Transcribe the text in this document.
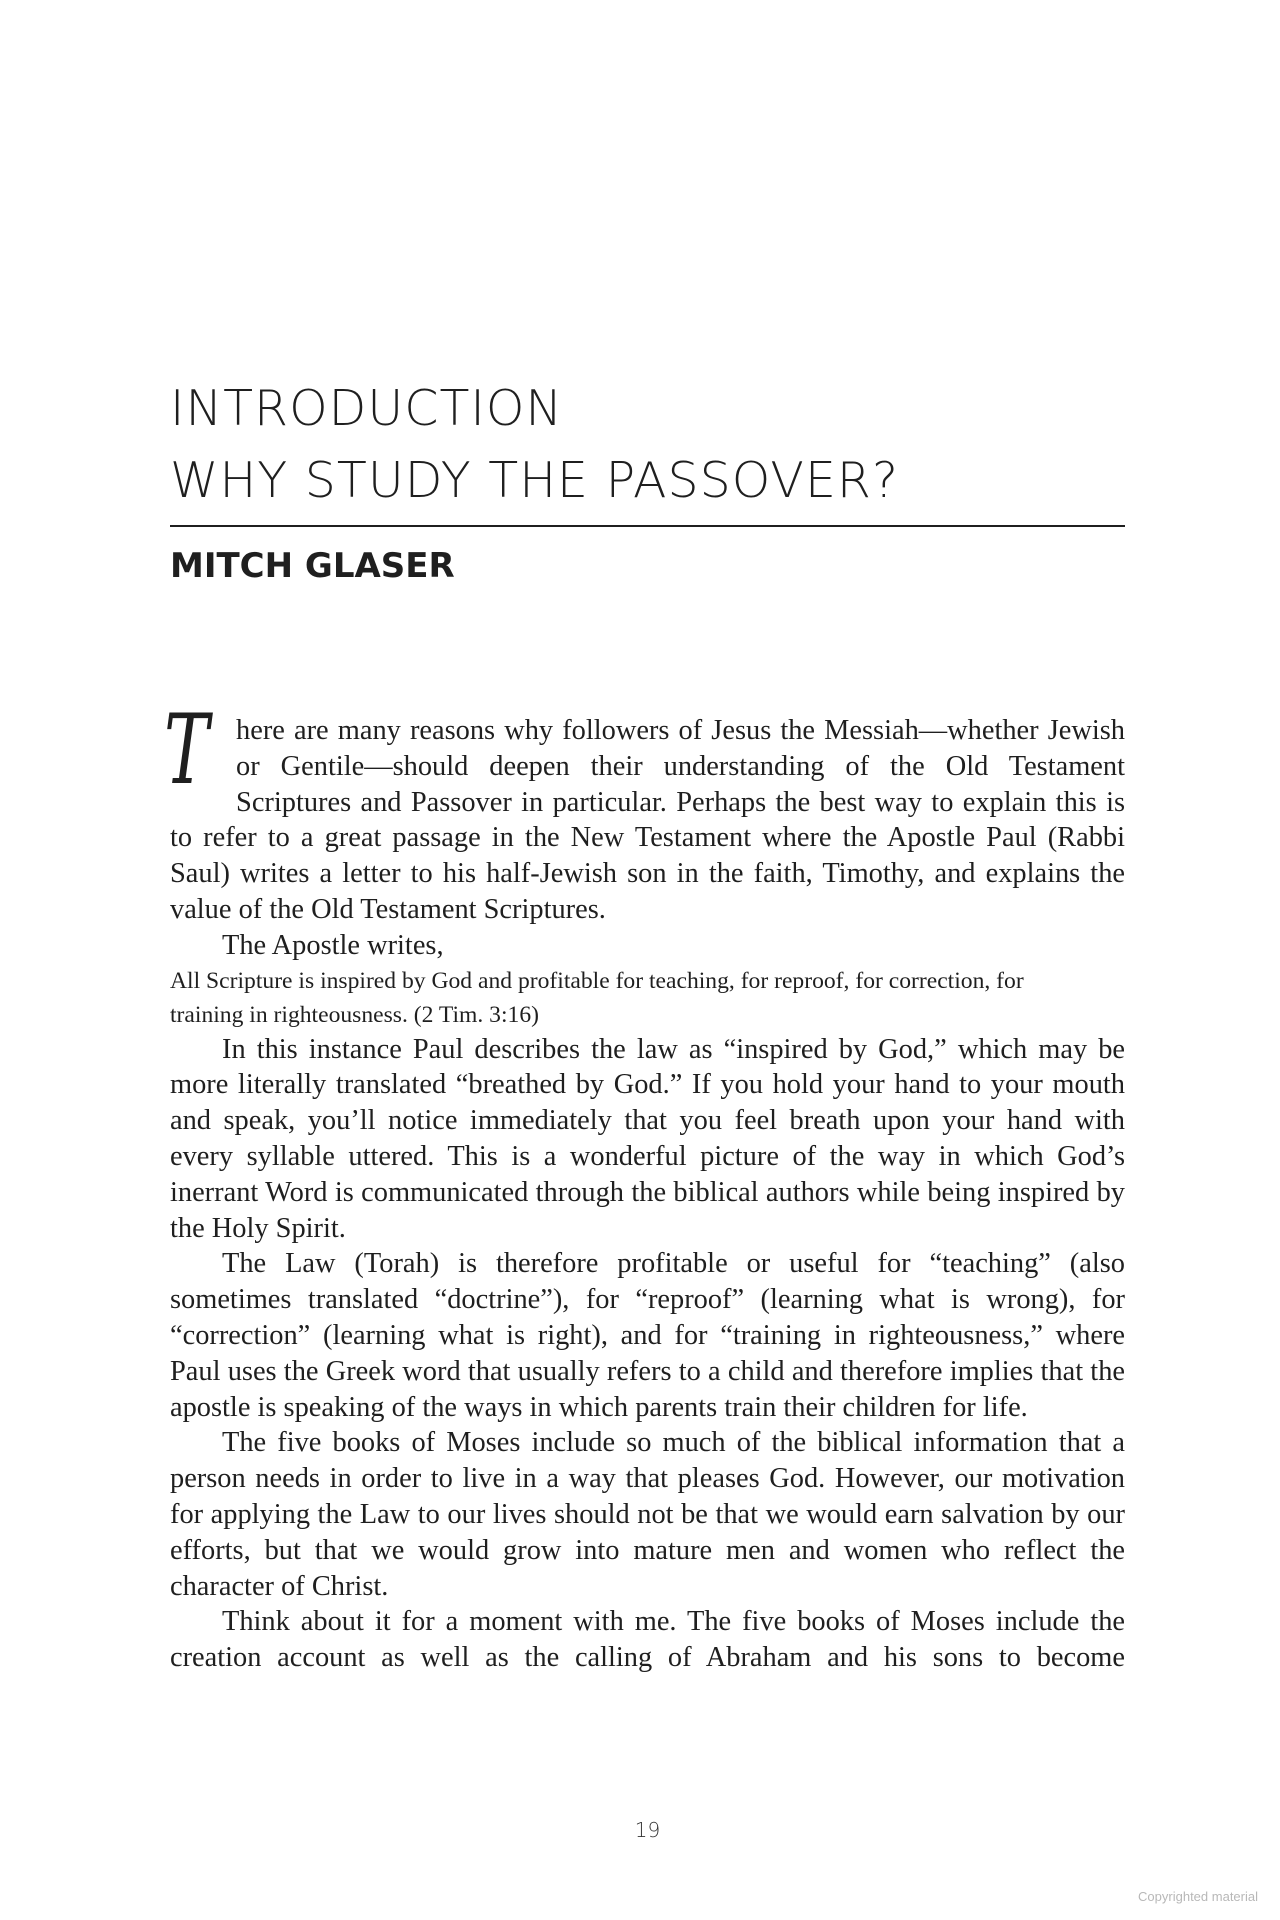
INTRODUCTION
WHY STUDY THE PASSOVER?
MITCH GLASER

There are many reasons why followers of Jesus the Messiah—whether Jewish or Gentile—should deepen their understanding of the Old Testament Scriptures and Passover in particular. Perhaps the best way to explain this is to refer to a great passage in the New Testament where the Apostle Paul (Rabbi Saul) writes a letter to his half-Jewish son in the faith, Timothy, and explains the value of the Old Testament Scriptures.

The Apostle writes,

All Scripture is inspired by God and profitable for teaching, for reproof, for correction, for training in righteousness. (2 Tim. 3:16)

In this instance Paul describes the law as “inspired by God,” which may be more literally translated “breathed by God.” If you hold your hand to your mouth and speak, you’ll notice immediately that you feel breath upon your hand with every syllable uttered. This is a wonderful picture of the way in which God’s inerrant Word is communicated through the biblical authors while being inspired by the Holy Spirit.

The Law (Torah) is therefore profitable or useful for “teaching” (also sometimes translated “doctrine”), for “reproof” (learning what is wrong), for “correction” (learning what is right), and for “training in righteousness,” where Paul uses the Greek word that usually refers to a child and therefore implies that the apostle is speaking of the ways in which parents train their children for life.

The five books of Moses include so much of the biblical information that a person needs in order to live in a way that pleases God. However, our motivation for applying the Law to our lives should not be that we would earn salvation by our efforts, but that we would grow into mature men and women who reflect the character of Christ.

Think about it for a moment with me. The five books of Moses include the creation account as well as the calling of Abraham and his sons to become

19
Copyrighted material
